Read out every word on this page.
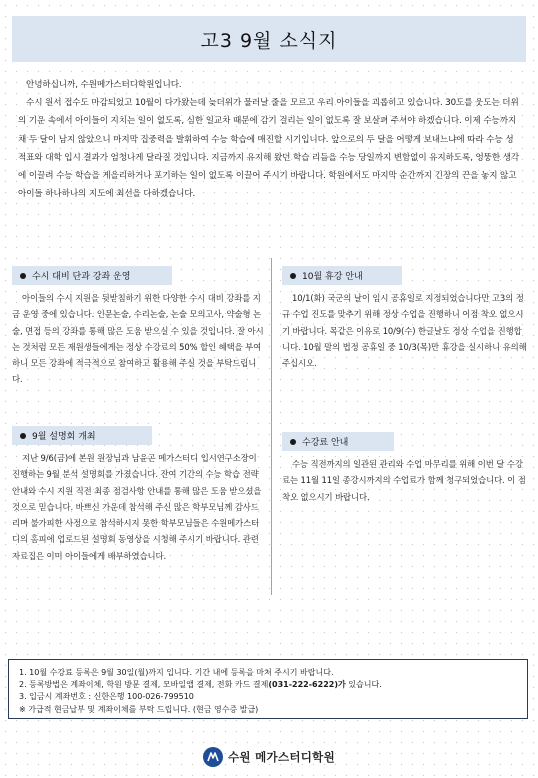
고3 9월 소식지

안녕하십니까, 수원메가스터디학원입니다.

수시 원서 접수도 마감되었고 10월이 다가왔는데 늦더위가 물러날 줄을 모르고 우리 아이들을 괴롭히고 있습니다. 30도를 웃도는 더위의 기운 속에서 아이들이 지치는 일이 없도록, 심한 일교차 때문에 감기 걸리는 일이 없도록 잘 보살펴 주셔야 하겠습니다. 이제 수능까지 채 두 달이 남지 않았으니 마지막 집중력을 발휘하여 수능 학습에 매진할 시기입니다. 앞으로의 두 달을 어떻게 보내느냐에 따라 수능 성적표와 대학 입시 결과가 엄청나게 달라질 것입니다. 지금까지 유지해 왔던 학습 리듬을 수능 당일까지 변함없이 유지하도록, 엉뚱한 생각에 이끌려 수능 학습을 게을리하거나 포기하는 일이 없도록 이끌어 주시기 바랍니다. 학원에서도 마지막 순간까지 긴장의 끈을 놓지 않고 아이들 하나하나의 지도에 최선을 다하겠습니다.

수시 대비 단과 강좌 운영

아이들의 수시 지원을 뒷받침하기 위한 다양한 수시 대비 강좌를 지금 운영 중에 있습니다. 인문논술, 수리논술, 논술 모의고사, 약술형 논술, 면접 등의 강좌를 통해 많은 도움 받으실 수 있을 것입니다. 잘 아시는 것처럼 모든 재원생들에게는 정상 수강료의 50% 할인 혜택을 부여하니 모든 강좌에 적극적으로 참여하고 활용해 주실 것을 부탁드립니다.

9월 설명회 개최

지난 9/6(금)에 본원 원장님과 남윤곤 메가스터디 입시연구소장이 진행하는 9월 분석 설명회를 가졌습니다. 잔여 기간의 수능 학습 전략 안내와 수시 지원 직전 최종 점검사항 안내를 통해 많은 도움 받으셨을 것으로 믿습니다. 바쁘신 가운데 참석해 주신 많은 학부모님께 감사드리며 불가피한 사정으로 참석하시지 못한 학부모님들은 수원메가스터디의 홈피에 업로드된 설명회 동영상을 시청해 주시기 바랍니다. 관련 자료집은 이미 아이들에게 배부하였습니다.

10월 휴강 안내

10/1(화) 국군의 날이 임시 공휴일로 지정되었습니다만 고3의 정규 수업 진도를 맞추기 위해 정상 수업을 진행하니 이점 착오 없으시기 바랍니다. 목같은 이유로 10/9(수) 한글날도 정상 수업을 진행합니다. 10월 말의 법정 공휴일 중 10/3(목)만 휴강을 실시하니 유의해 주십시오.

수강료 안내

수능 직전까지의 일관된 관리와 수업 마무리를 위해 이번 달 수강료는 11월 11일 종강시까지의 수업료가 함께 청구되었습니다. 이 점 착오 없으시기 바랍니다.

1. 10월 수강료 등록은 9월 30일(월)까지 입니다. 기간 내에 등록을 마쳐 주시기 바랍니다.
2. 등록방법은 계좌이체, 학원 방문 결제, 모바일앱 결제, 전화 카드 결제(031-222-6222)가 있습니다.
3. 입금시 계좌번호 : 신한은행 100-026-799510
※ 가급적 현금납부 및 계좌이체를 부탁 드립니다. (현금 영수증 발급)
수원 메가스터디학원
